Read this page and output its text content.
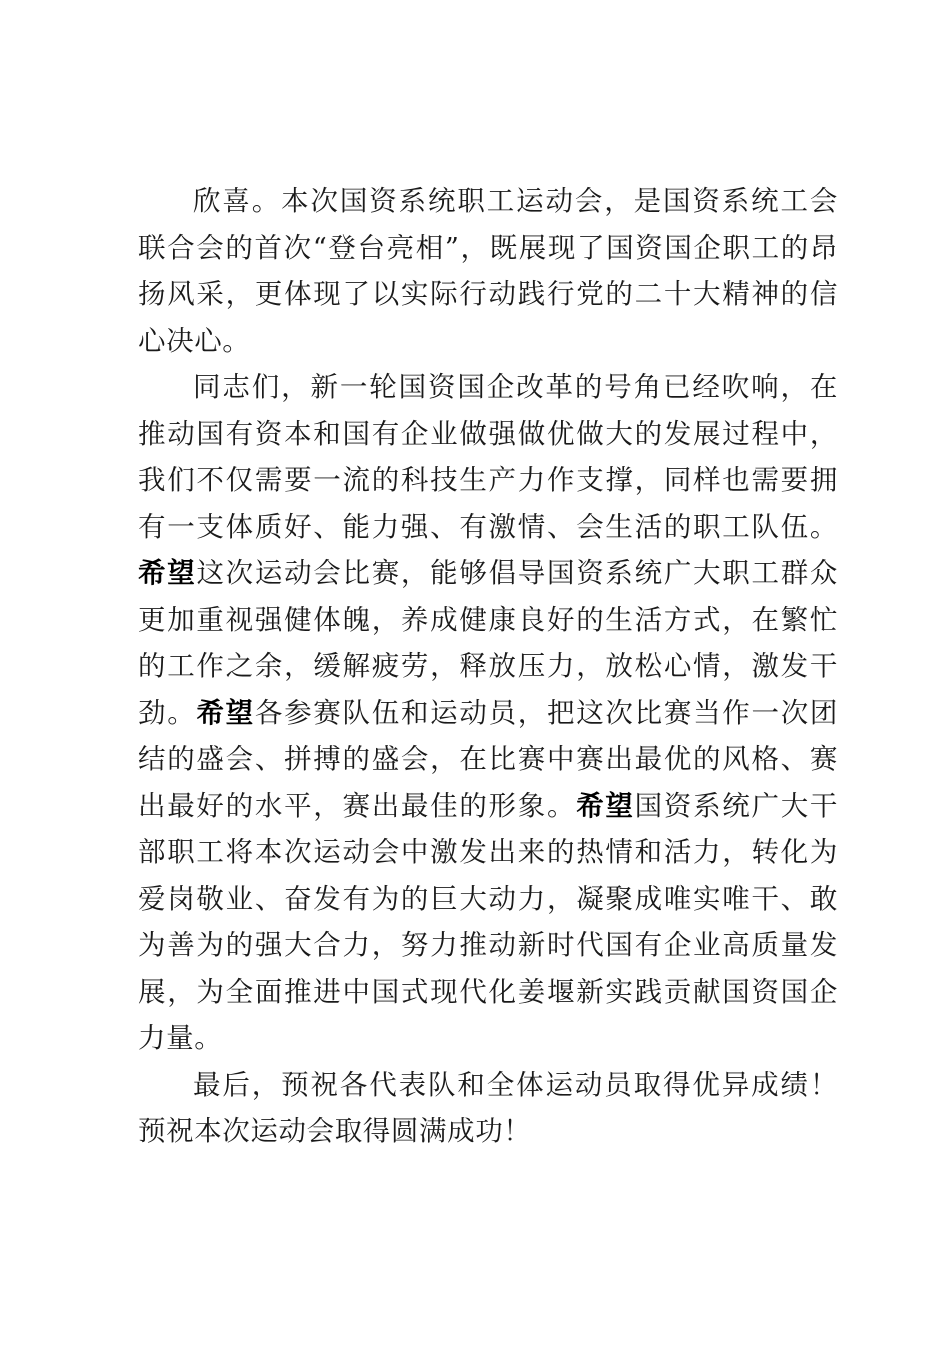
欣喜。本次国资系统职工运动会，是国资系统工会联合会的首次“登台亮相”，既展现了国资国企职工的昂扬风采，更体现了以实际行动践行党的二十大精神的信心决心。

同志们，新一轮国资国企改革的号角已经吹响，在推动国有资本和国有企业做强做优做大的发展过程中，我们不仅需要一流的科技生产力作支撑，同样也需要拥有一支体质好、能力强、有激情、会生活的职工队伍。希望这次运动会比赛，能够倡导国资系统广大职工群众更加重视强健体魄，养成健康良好的生活方式，在繁忙的工作之余，缓解疲劳，释放压力，放松心情，激发干劲。希望各参赛队伍和运动员，把这次比赛当作一次团结的盛会、拼搏的盛会，在比赛中赛出最优的风格、赛出最好的水平，赛出最佳的形象。希望国资系统广大干部职工将本次运动会中激发出来的热情和活力，转化为爱岗敬业、奋发有为的巨大动力，凝聚成唯实唯干、敢为善为的强大合力，努力推动新时代国有企业高质量发展，为全面推进中国式现代化姜堰新实践贡献国资国企力量。

最后，预祝各代表队和全体运动员取得优异成绩！预祝本次运动会取得圆满成功！
